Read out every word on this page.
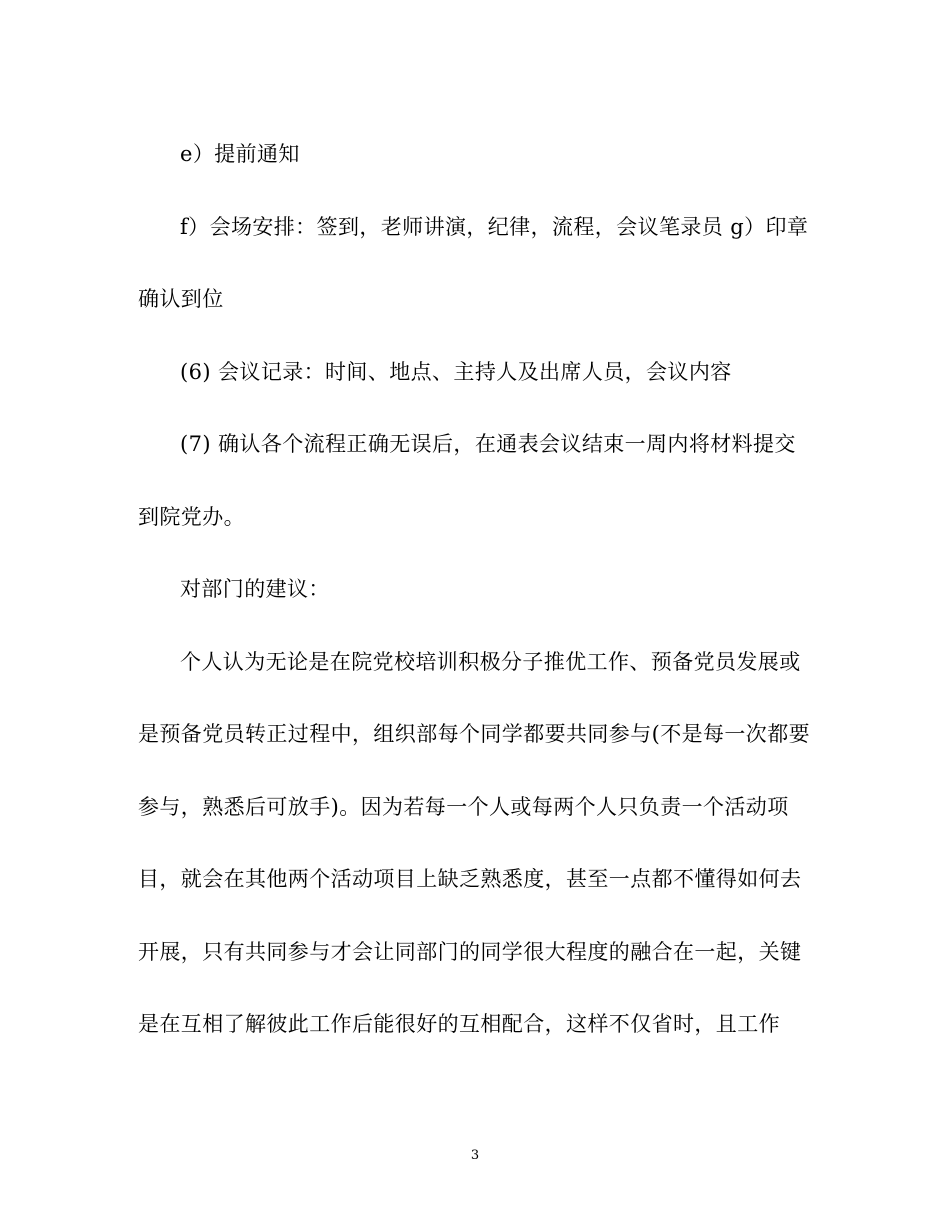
e）提前通知

f）会场安排：签到，老师讲演，纪律，流程，会议笔录员 g）印章确认到位

(6) 会议记录：时间、地点、主持人及出席人员，会议内容

(7) 确认各个流程正确无误后，在通表会议结束一周内将材料提交到院党办。

对部门的建议：

个人认为无论是在院党校培训积极分子推优工作、预备党员发展或是预备党员转正过程中，组织部每个同学都要共同参与(不是每一次都要参与，熟悉后可放手)。因为若每一个人或每两个人只负责一个活动项目，就会在其他两个活动项目上缺乏熟悉度，甚至一点都不懂得如何去开展，只有共同参与才会让同部门的同学很大程度的融合在一起，关键是在互相了解彼此工作后能很好的互相配合，这样不仅省时，且工作

3
